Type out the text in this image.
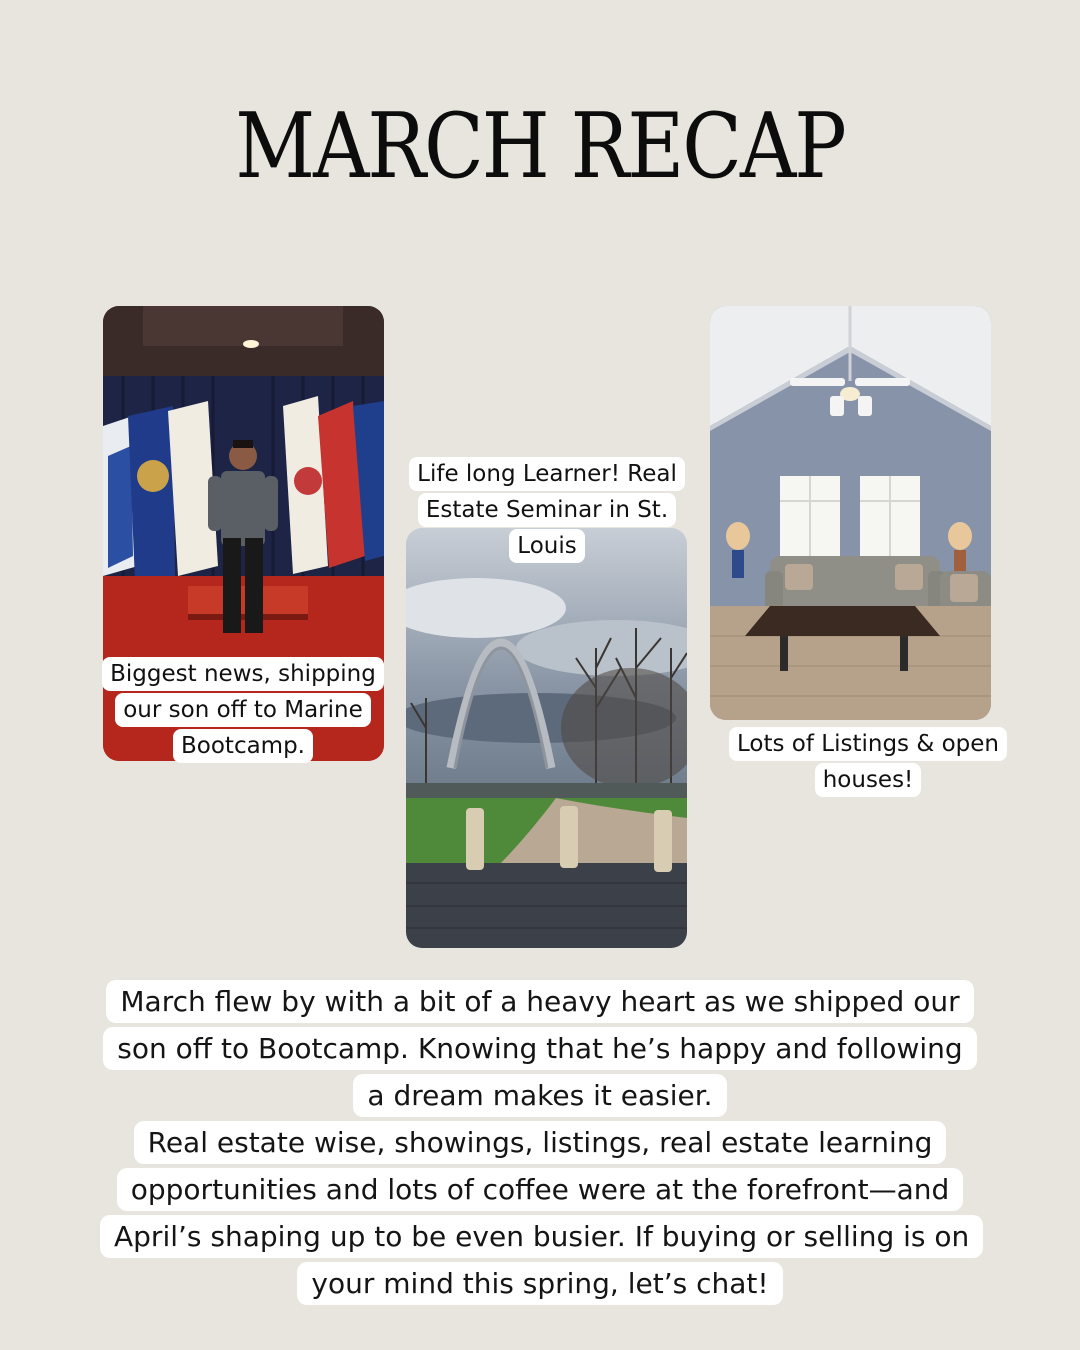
MARCH RECAP
Biggest news, shipping our son off to Marine Bootcamp.
Life long Learner! Real Estate Seminar in St. Louis
Lots of Listings & open houses!

March flew by with a bit of a heavy heart as we shipped our son off to Bootcamp. Knowing that he’s happy and following a dream makes it easier.

Real estate wise, showings, listings, real estate learning opportunities and lots of coffee were at the forefront—and April’s shaping up to be even busier. If buying or selling is on your mind this spring, let’s chat!
